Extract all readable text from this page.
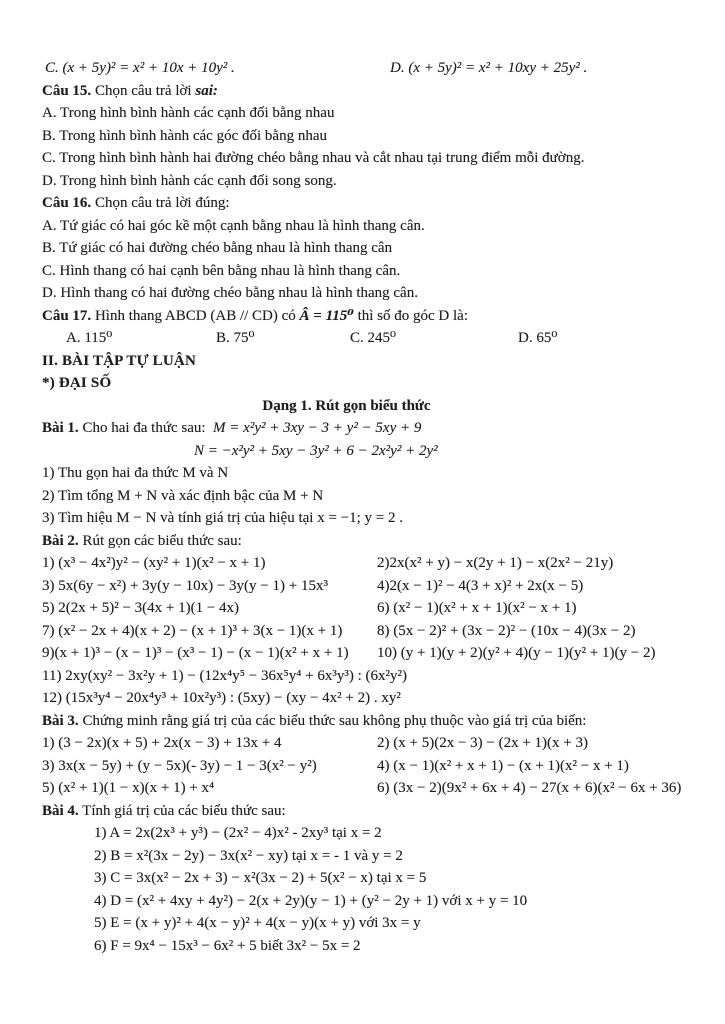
C. (x + 5y)² = x² + 10x + 10y² .	D. (x + 5y)² = x² + 10xy + 25y² .

Câu 15. Chọn câu trả lời sai:

A. Trong hình bình hành các cạnh đối bằng nhau

B. Trong hình bình hành các góc đối bằng nhau

C. Trong hình bình hành hai đường chéo bằng nhau và cắt nhau tại trung điểm mỗi đường.

D. Trong hình bình hành các cạnh đối song song.

Câu 16. Chọn câu trả lời đúng:

A. Tứ giác có hai góc kề một cạnh bằng nhau là hình thang cân.

B. Tứ giác có hai đường chéo bằng nhau là hình thang cân

C. Hình thang có hai cạnh bên bằng nhau là hình thang cân.

D. Hình thang có hai đường chéo bằng nhau là hình thang cân.

Câu 17. Hình thang ABCD (AB // CD) có Â = 115⁰ thì số đo góc D là:

A. 115⁰	B. 75⁰	C. 245⁰	D. 65⁰

II. BÀI TẬP TỰ LUẬN

*) ĐẠI SỐ

Dạng 1. Rút gọn biểu thức

Bài 1. Cho hai đa thức sau: M = x²y² + 3xy − 3 + y² − 5xy + 9

N = −x²y² + 5xy − 3y² + 6 − 2x²y² + 2y²

1) Thu gọn hai đa thức M và N

2) Tìm tổng M + N và xác định bậc của M + N

3) Tìm hiệu M − N và tính giá trị của hiệu tại x = −1; y = 2 .

Bài 2. Rút gọn các biểu thức sau:

1) (x³ − 4x²)y² − (xy² + 1)(x² − x + 1)	2)2x(x² + y) − x(2y + 1) − x(2x² − 21y)

3) 5x(6y − x²) + 3y(y − 10x) − 3y(y − 1) + 15x³	4)2(x − 1)² − 4(3 + x)² + 2x(x − 5)

5) 2(2x + 5)² − 3(4x + 1)(1 − 4x)	6) (x² − 1)(x² + x + 1)(x² − x + 1)

7) (x² − 2x + 4)(x + 2) − (x + 1)³ + 3(x − 1)(x + 1)	8) (5x − 2)² + (3x − 2)² − (10x − 4)(3x − 2)

9)(x + 1)³ − (x − 1)³ − (x³ − 1) − (x − 1)(x² + x + 1)	10) (y + 1)(y + 2)(y² + 4)(y − 1)(y² + 1)(y − 2)

11) 2xy(xy² − 3x²y + 1) − (12x⁴y⁵ − 36x⁵y⁴ + 6x³y³) : (6x²y²)

12) (15x³y⁴ − 20x⁴y³ + 10x²y³) : (5xy) − (xy − 4x² + 2) . xy²

Bài 3. Chứng minh rằng giá trị của các biểu thức sau không phụ thuộc vào giá trị của biến:

1) (3 − 2x)(x + 5) + 2x(x − 3) + 13x + 4	2) (x + 5)(2x − 3) − (2x + 1)(x + 3)

3) 3x(x − 5y) + (y − 5x)(- 3y) − 1 − 3(x² − y²)	4) (x − 1)(x² + x + 1) − (x + 1)(x² − x + 1)

5) (x² + 1)(1 − x)(x + 1) + x⁴	6) (3x − 2)(9x² + 6x + 4) − 27(x + 6)(x² − 6x + 36)

Bài 4. Tính giá trị của các biểu thức sau:

1) A = 2x(2x³ + y³) − (2x² − 4)x² - 2xy³ tại x = 2

2) B = x²(3x − 2y) − 3x(x² − xy) tại x = - 1 và y = 2

3) C = 3x(x² − 2x + 3) − x²(3x − 2) + 5(x² − x) tại x = 5

4) D = (x² + 4xy + 4y²) − 2(x + 2y)(y − 1) + (y² − 2y + 1) với x + y = 10

5) E = (x + y)² + 4(x − y)² + 4(x − y)(x + y) với 3x = y

6) F = 9x⁴ − 15x³ − 6x² + 5 biết 3x² − 5x = 2
